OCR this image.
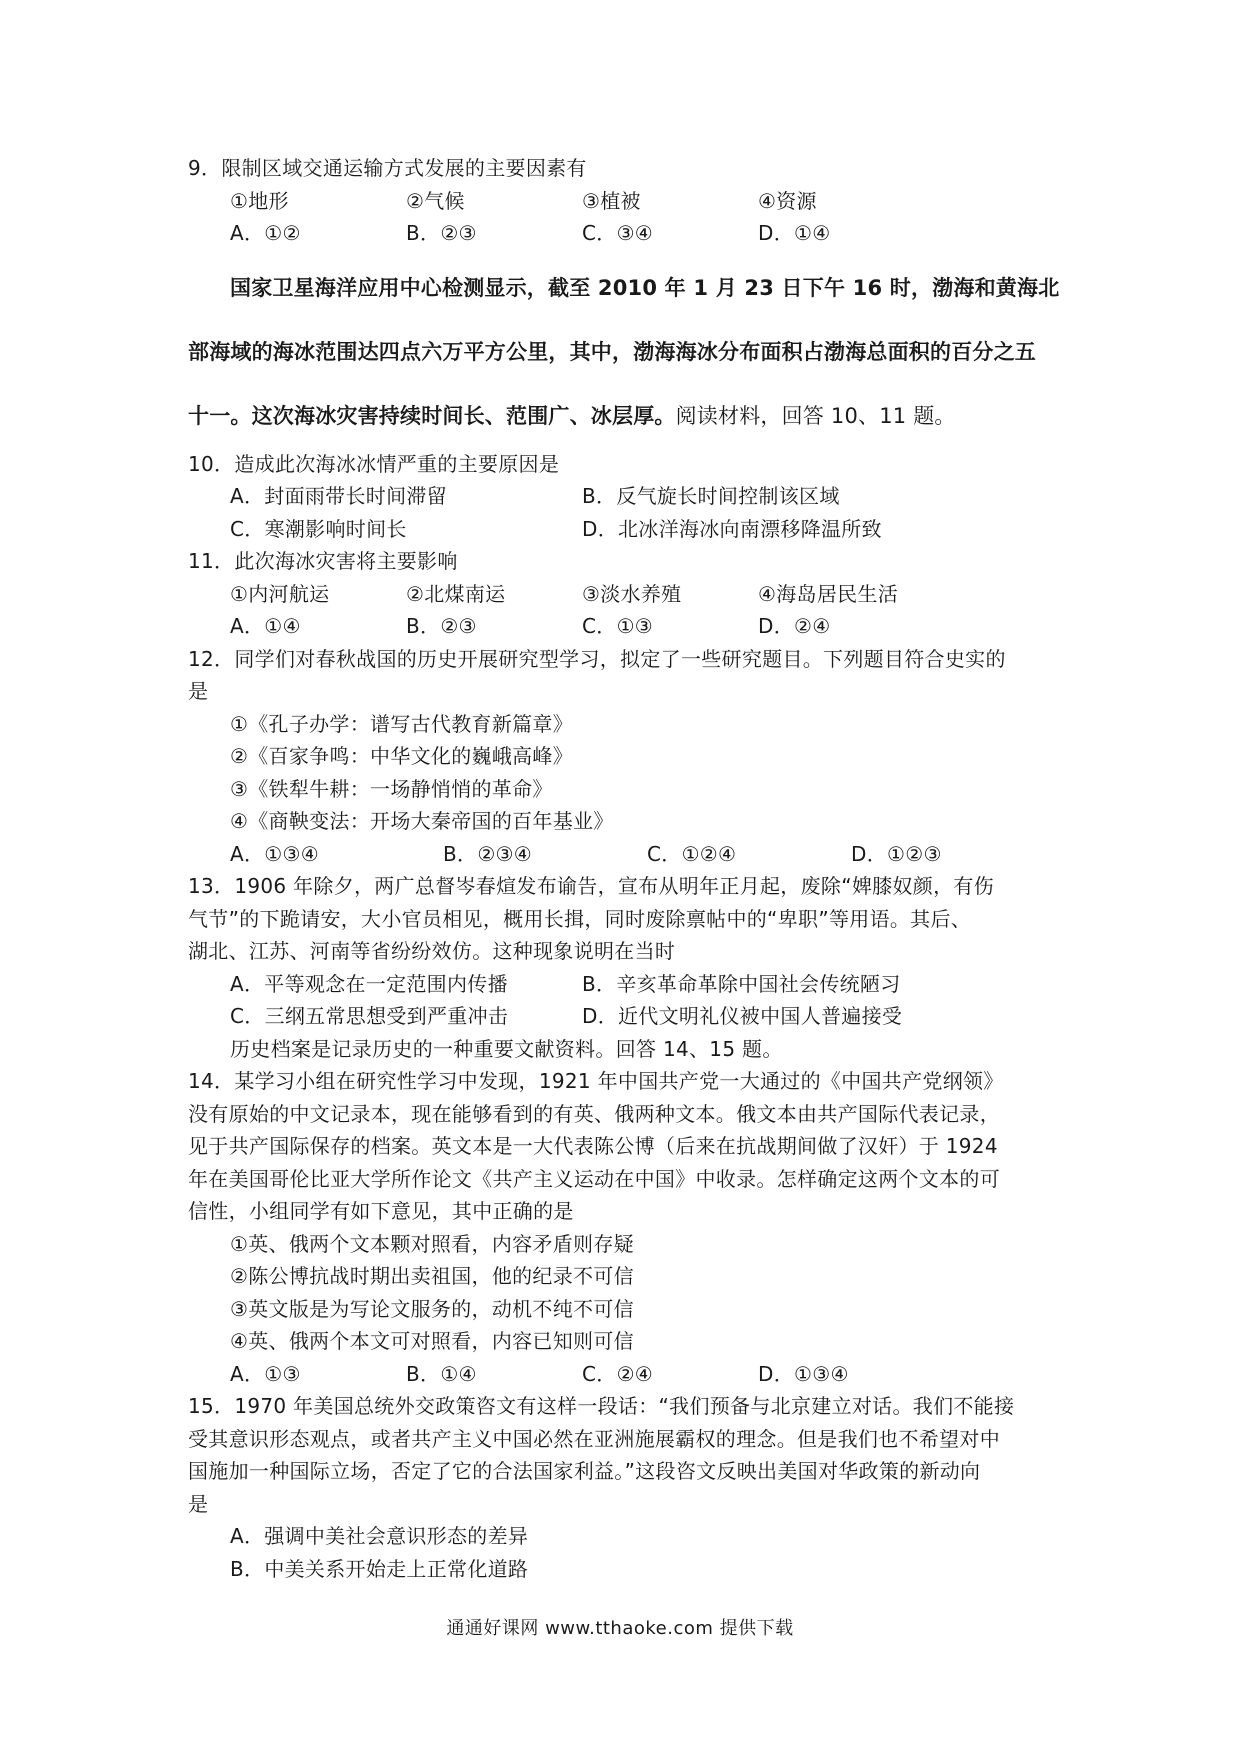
9．限制区域交通运输方式发展的主要因素有
①地形	②气候	③植被	④资源
A．①②	B．②③	C．③④	D．①④
国家卫星海洋应用中心检测显示，截至 2010 年 1 月 23 日下午 16 时，渤海和黄海北
部海域的海冰范围达四点六万平方公里，其中，渤海海冰分布面积占渤海总面积的百分之五
十一。这次海冰灾害持续时间长、范围广、冰层厚。阅读材料，回答 10、11 题。
10．造成此次海冰冰情严重的主要原因是
A．封面雨带长时间滞留	B．反气旋长时间控制该区域
C．寒潮影响时间长	D．北冰洋海冰向南漂移降温所致
11．此次海冰灾害将主要影响
①内河航运	②北煤南运	③淡水养殖	④海岛居民生活
A．①④	B．②③	C．①③	D．②④
12．同学们对春秋战国的历史开展研究型学习，拟定了一些研究题目。下列题目符合史实的
是
①《孔子办学：谱写古代教育新篇章》
②《百家争鸣：中华文化的巍峨高峰》
③《铁犁牛耕：一场静悄悄的革命》
④《商鞅变法：开场大秦帝国的百年基业》
A．①③④	B．②③④	C．①②④	D．①②③
13．1906 年除夕，两广总督岑春煊发布谕告，宣布从明年正月起，废除“婢膝奴颜，有伤
气节”的下跪请安，大小官员相见，概用长揖，同时废除禀帖中的“卑职”等用语。其后、
湖北、江苏、河南等省纷纷效仿。这种现象说明在当时
A．平等观念在一定范围内传播	B．辛亥革命革除中国社会传统陋习
C．三纲五常思想受到严重冲击	D．近代文明礼仪被中国人普遍接受
历史档案是记录历史的一种重要文献资料。回答 14、15 题。
14．某学习小组在研究性学习中发现，1921 年中国共产党一大通过的《中国共产党纲领》
没有原始的中文记录本，现在能够看到的有英、俄两种文本。俄文本由共产国际代表记录，
见于共产国际保存的档案。英文本是一大代表陈公博（后来在抗战期间做了汉奸）于 1924
年在美国哥伦比亚大学所作论文《共产主义运动在中国》中收录。怎样确定这两个文本的可
信性，小组同学有如下意见，其中正确的是
①英、俄两个文本颗对照看，内容矛盾则存疑
②陈公博抗战时期出卖祖国，他的纪录不可信
③英文版是为写论文服务的，动机不纯不可信
④英、俄两个本文可对照看，内容已知则可信
A．①③	B．①④	C．②④	D．①③④
15．1970 年美国总统外交政策咨文有这样一段话：“我们预备与北京建立对话。我们不能接
受其意识形态观点，或者共产主义中国必然在亚洲施展霸权的理念。但是我们也不希望对中
国施加一种国际立场，否定了它的合法国家利益。”这段咨文反映出美国对华政策的新动向
是
A．强调中美社会意识形态的差异
B．中美关系开始走上正常化道路
通通好课网 www.tthaoke.com 提供下载
